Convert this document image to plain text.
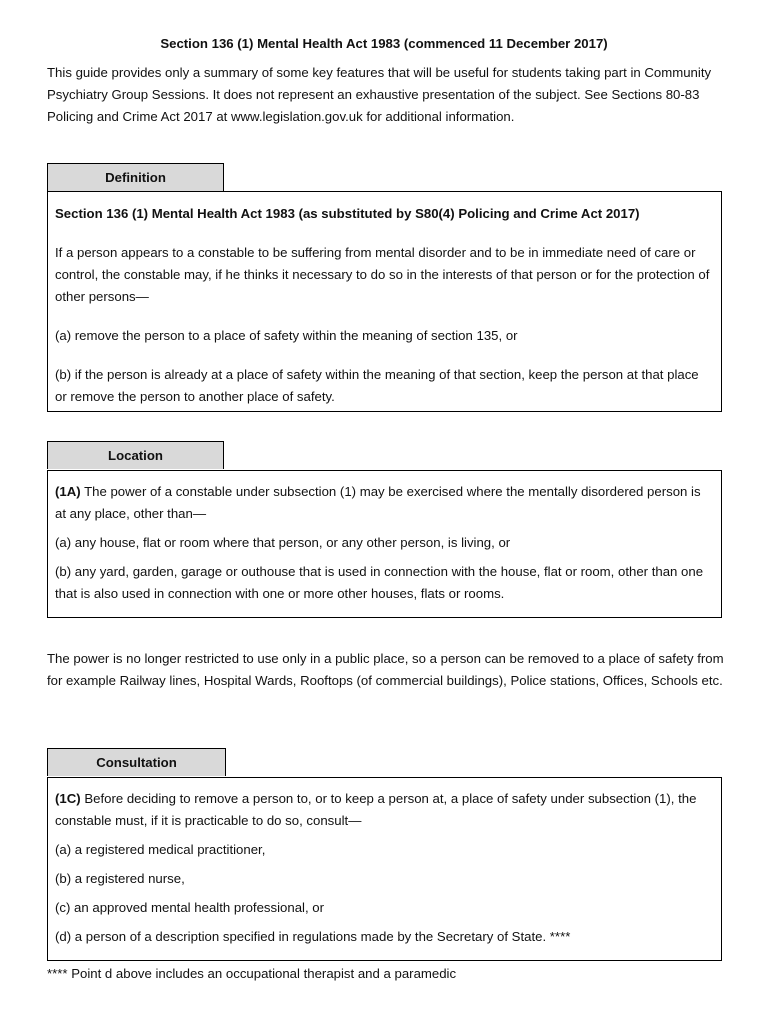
Section 136 (1) Mental Health Act 1983 (commenced 11 December 2017)

This guide provides only a summary of some key features that will be useful for students taking part in Community Psychiatry Group Sessions. It does not represent an exhaustive presentation of the subject. See Sections 80-83 Policing and Crime Act 2017 at www.legislation.gov.uk for additional information.

Definition

Section 136 (1) Mental Health Act 1983 (as substituted by S80(4) Policing and Crime Act 2017)

If a person appears to a constable to be suffering from mental disorder and to be in immediate need of care or control, the constable may, if he thinks it necessary to do so in the interests of that person or for the protection of other persons—

(a) remove the person to a place of safety within the meaning of section 135, or

(b) if the person is already at a place of safety within the meaning of that section, keep the person at that place or remove the person to another place of safety.

Location

(1A) The power of a constable under subsection (1) may be exercised where the mentally disordered person is at any place, other than—

(a) any house, flat or room where that person, or any other person, is living, or

(b) any yard, garden, garage or outhouse that is used in connection with the house, flat or room, other than one that is also used in connection with one or more other houses, flats or rooms.

The power is no longer restricted to use only in a public place, so a person can be removed to a place of safety from for example Railway lines, Hospital Wards, Rooftops (of commercial buildings), Police stations, Offices, Schools etc.

Consultation

(1C) Before deciding to remove a person to, or to keep a person at, a place of safety under subsection (1), the constable must, if it is practicable to do so, consult—

(a) a registered medical practitioner,

(b) a registered nurse,

(c) an approved mental health professional, or

(d) a person of a description specified in regulations made by the Secretary of State. ****

**** Point d above includes an occupational therapist and a paramedic
